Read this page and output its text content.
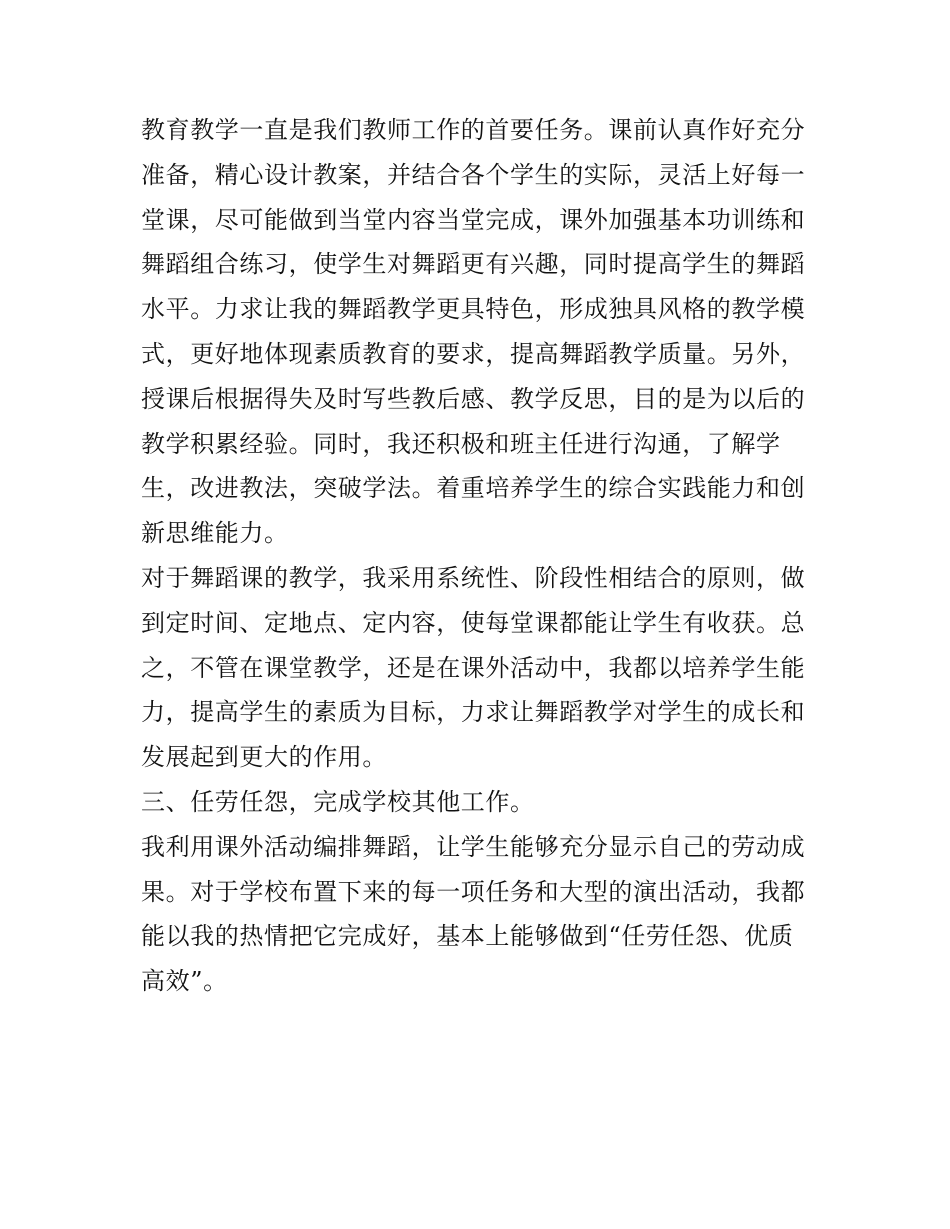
教育教学一直是我们教师工作的首要任务。课前认真作好充分
准备，精心设计教案，并结合各个学生的实际，灵活上好每一
堂课，尽可能做到当堂内容当堂完成，课外加强基本功训练和
舞蹈组合练习，使学生对舞蹈更有兴趣，同时提高学生的舞蹈
水平。力求让我的舞蹈教学更具特色，形成独具风格的教学模
式，更好地体现素质教育的要求，提高舞蹈教学质量。另外，
授课后根据得失及时写些教后感、教学反思，目的是为以后的
教学积累经验。同时，我还积极和班主任进行沟通，了解学
生，改进教法，突破学法。着重培养学生的综合实践能力和创
新思维能力。
对于舞蹈课的教学，我采用系统性、阶段性相结合的原则，做
到定时间、定地点、定内容，使每堂课都能让学生有收获。总
之，不管在课堂教学，还是在课外活动中，我都以培养学生能
力，提高学生的素质为目标，力求让舞蹈教学对学生的成长和
发展起到更大的作用。
三、任劳任怨，完成学校其他工作。
我利用课外活动编排舞蹈，让学生能够充分显示自己的劳动成
果。对于学校布置下来的每一项任务和大型的演出活动，我都
能以我的热情把它完成好，基本上能够做到“任劳任怨、优质
高效”。
